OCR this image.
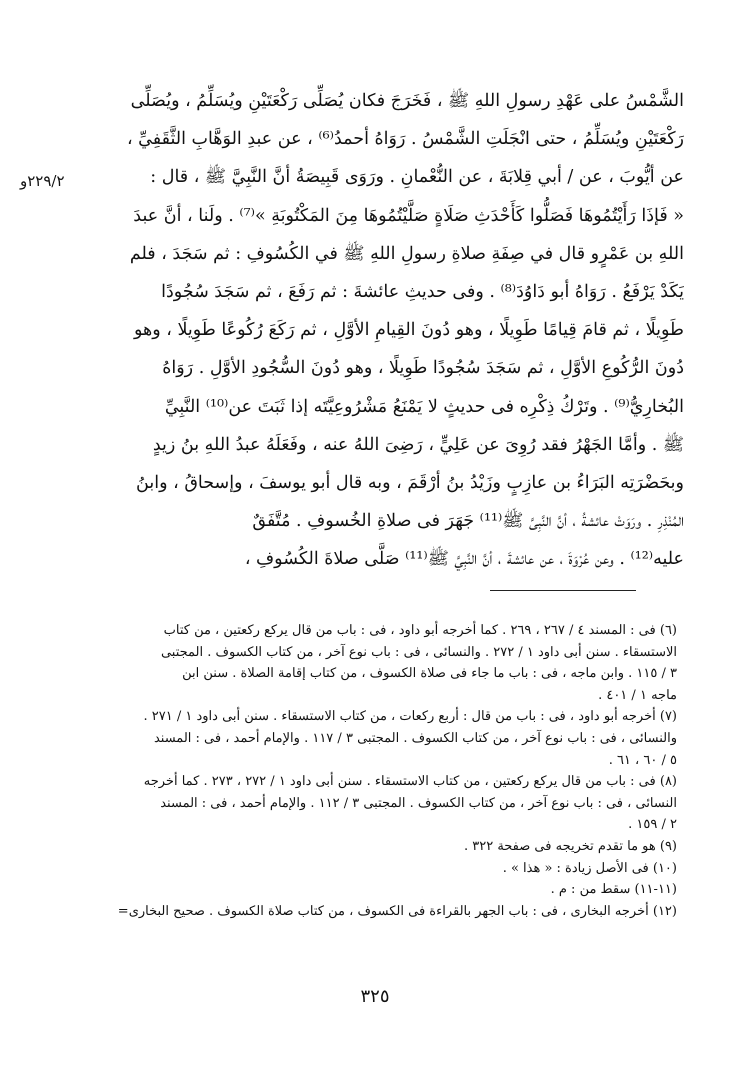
٢٢٩/٢و
الشَّمْسُ على عَهْدِ رسولِ اللهِ ﷺ ، فَخَرَجَ فكان يُصَلِّى رَكْعَتَيْنِ ويُسَلِّمُ ، ويُصَلِّى
رَكْعَتَيْنِ ويُسَلِّمُ ، حتى انْجَلَتِ الشَّمْسُ . رَوَاهُ أحمدُ⁽⁶⁾ ، عن عبدِ الوَهَّابِ الثَّقَفِيِّ ،
عن أيُّوبَ ، عن / أبي قِلابَةَ ، عن النُّعْمانِ . ورَوَى قَبِيصَةُ أنَّ النَّبِيَّ ﷺ ، قال :
« فَإذَا رَأَيْتُمُوهَا فَصَلُّوا كَأَحْدَثِ صَلَاةٍ صَلَّيْتُمُوهَا مِنَ المَكْتُوبَةِ »⁽⁷⁾ . ولَنا ، أنَّ عبدَ
اللهِ بن عَمْرٍو قال في صِفَةِ صلاةِ رسولِ اللهِ ﷺ في الكُسُوفِ : ثم سَجَدَ ، فلم
يَكَدْ يَرْفَعُ . رَوَاهُ أبو دَاوُدَ⁽⁸⁾ . وفى حديثِ عائشةَ : ثم رَفَعَ ، ثم سَجَدَ سُجُودًا
طَوِيلًا ، ثم قامَ قِيامًا طَوِيلًا ، وهو دُونَ القِيامِ الأوَّلِ ، ثم رَكَعَ رُكُوعًا طَوِيلًا ، وهو
دُونَ الرُّكُوعِ الأوَّلِ ، ثم سَجَدَ سُجُودًا طَوِيلًا ، وهو دُونَ السُّجُودِ الأوَّلِ . رَوَاهُ
البُخارِيُّ⁽⁹⁾ . وتَرْكُ ذِكْرِه فى حديثٍ لا يَمْنَعُ مَشْرُوعِيَّتَه إذا ثَبَتَ عن⁽¹⁰⁾ النَّبِيِّ
ﷺ . وأمَّا الجَهْرُ فقد رُوِىَ عن عَلِيٍّ ، رَضِىَ اللهُ عنه ، وفَعَلَهُ عبدُ اللهِ بنُ زيدٍ
وبحَضْرَتِه البَرَاءُ بن عازِبٍ وزَيْدُ بنُ أرْقَمَ ، وبه قال أبو يوسفَ ، وإسحاقُ ، وابنُ
المُنْذِرِ . ورَوَتْ عائشةُ ، أنَّ النَّبِىَّ ﷺ⁽¹¹⁾ جَهَرَ فى صلاةِ الخُسوفِ . مُتَّفَقٌ
عليه⁽¹²⁾ . وعن عُرْوَةَ ، عن عائشةَ ، أنَّ النَّبِيَّ ﷺ⁽¹¹⁾ صَلَّى صلاةَ الكُسُوفِ ،
(٦) فى : المسند ٤ / ٢٦٧ ، ٢٦٩ . كما أخرجه أبو داود ، فى : باب من قال يركع ركعتين ، من كتاب
الاستسقاء . سنن أبى داود ١ / ٢٧٢ . والنسائى ، فى : باب نوع آخر ، من كتاب الكسوف . المجتبى
٣ / ١١٥ . وابن ماجه ، فى : باب ما جاء فى صلاة الكسوف ، من كتاب إقامة الصلاة . سنن ابن
ماجه ١ / ٤٠١ .
(٧) أخرجه أبو داود ، فى : باب من قال : أربع ركعات ، من كتاب الاستسقاء . سنن أبى داود ١ / ٢٧١ .
والنسائى ، فى : باب نوع آخر ، من كتاب الكسوف . المجتبى ٣ / ١١٧ . والإمام أحمد ، فى : المسند
٥ / ٦٠ ، ٦١ .
(٨) فى : باب من قال يركع ركعتين ، من كتاب الاستسقاء . سنن أبى داود ١ / ٢٧٢ ، ٢٧٣ . كما أخرجه
النسائى ، فى : باب نوع آخر ، من كتاب الكسوف . المجتبى ٣ / ١١٢ . والإمام أحمد ، فى : المسند
٢ / ١٥٩ .
(٩) هو ما تقدم تخريجه فى صفحة ٣٢٢ .
(١٠) فى الأصل زيادة : « هذا » .
(١١-١١) سقط من : م .
(١٢) أخرجه البخارى ، فى : باب الجهر بالقراءة فى الكسوف ، من كتاب صلاة الكسوف . صحيح البخارى=
٣٢٥
